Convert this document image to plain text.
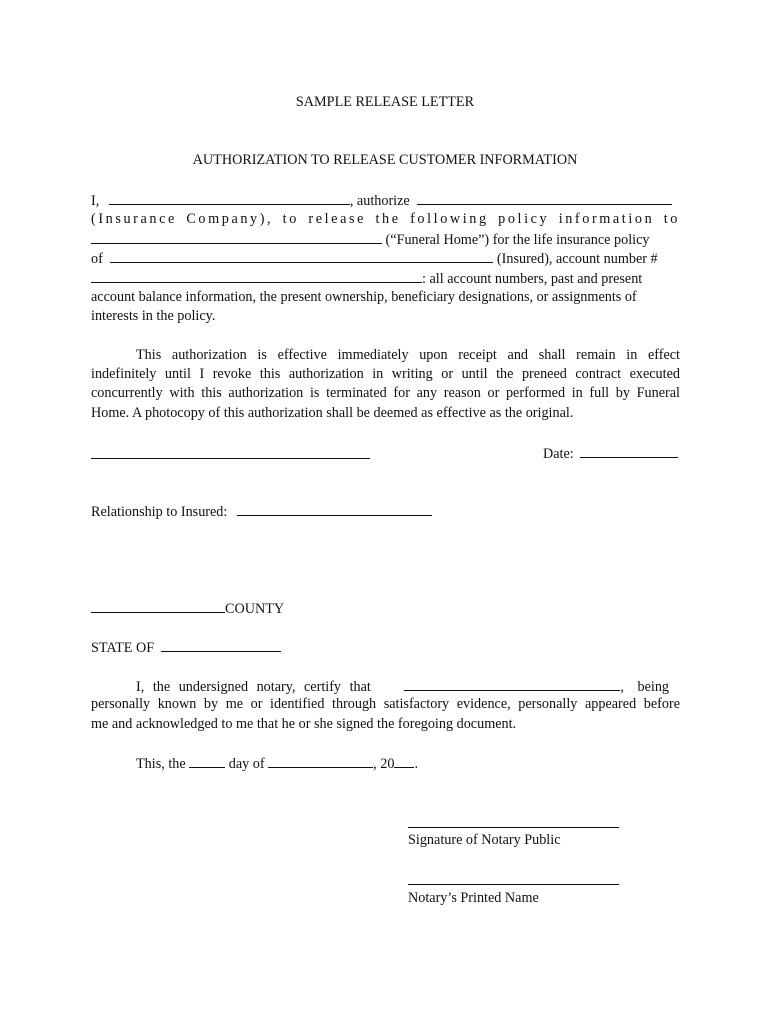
SAMPLE RELEASE LETTER
AUTHORIZATION TO RELEASE CUSTOMER INFORMATION
I,	, authorize
(Insurance Company), to release the following policy information to
(“Funeral Home”) for the life insurance policy
of	(Insured), account number #
: all account numbers, past and present
account balance information, the present ownership, beneficiary designations, or assignments of
interests in the policy.
This authorization is effective immediately upon receipt and shall remain in effect
indefinitely until I revoke this authorization in writing or until the preneed contract executed
concurrently with this authorization is terminated for any reason or performed in full by Funeral
Home. A photocopy of this authorization shall be deemed as effective as the original.
Date:
Relationship to Insured:
COUNTY
STATE OF
I, the undersigned notary, certify that	, being
personally known by me or identified through satisfactory evidence, personally appeared before
me and acknowledged to me that he or she signed the foregoing document.
This, the	day of	, 20 .
Signature of Notary Public
Notary’s Printed Name
